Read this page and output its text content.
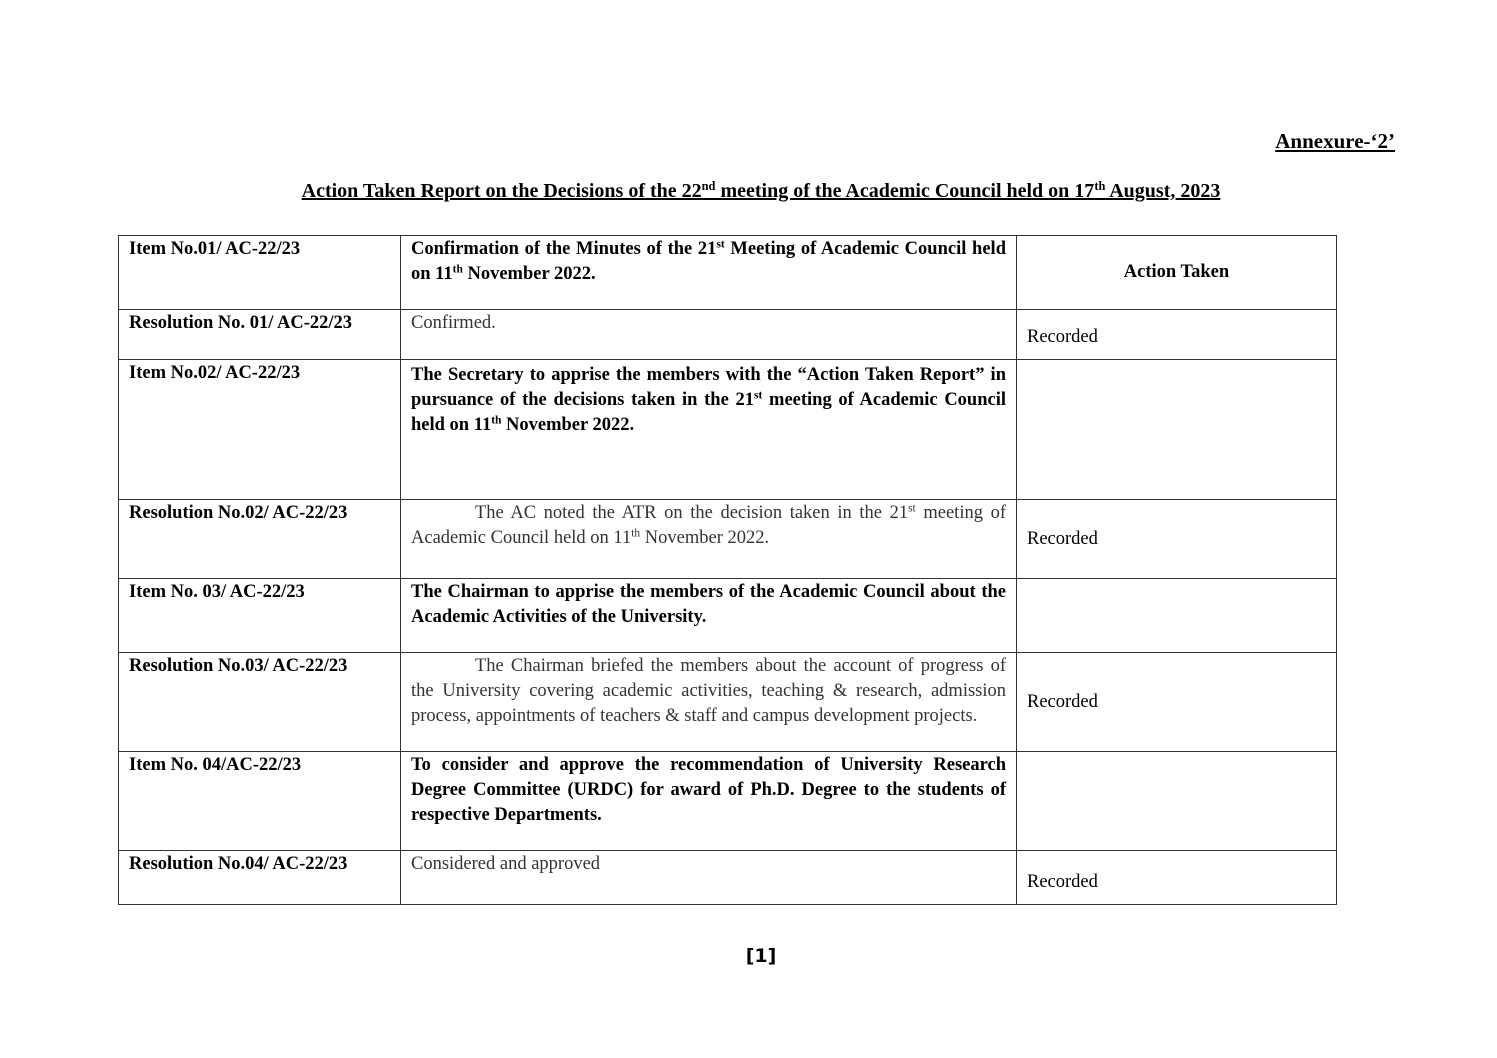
Annexure-‘2’
Action Taken Report on the Decisions of the 22nd meeting of the Academic Council held on 17th August, 2023
Item No.01/ AC-22/23	Confirmation of the Minutes of the 21st Meeting of Academic Council held on 11th November 2022.	Action Taken
Resolution No. 01/ AC-22/23	Confirmed.	Recorded
Item No.02/ AC-22/23	The Secretary to apprise the members with the “Action Taken Report” in pursuance of the decisions taken in the 21st meeting of Academic Council held on 11th November 2022.	
Resolution No.02/ AC-22/23	The AC noted the ATR on the decision taken in the 21st meeting of Academic Council held on 11th November 2022.	Recorded
Item No. 03/ AC-22/23	The Chairman to apprise the members of the Academic Council about the Academic Activities of the University.	
Resolution No.03/ AC-22/23	The Chairman briefed the members about the account of progress of the University covering academic activities, teaching & research, admission process, appointments of teachers & staff and campus development projects.	Recorded
Item No. 04/AC-22/23	To consider and approve the recommendation of University Research Degree Committee (URDC) for award of Ph.D. Degree to the students of respective Departments.	
Resolution No.04/ AC-22/23	Considered and approved	Recorded
[1]
